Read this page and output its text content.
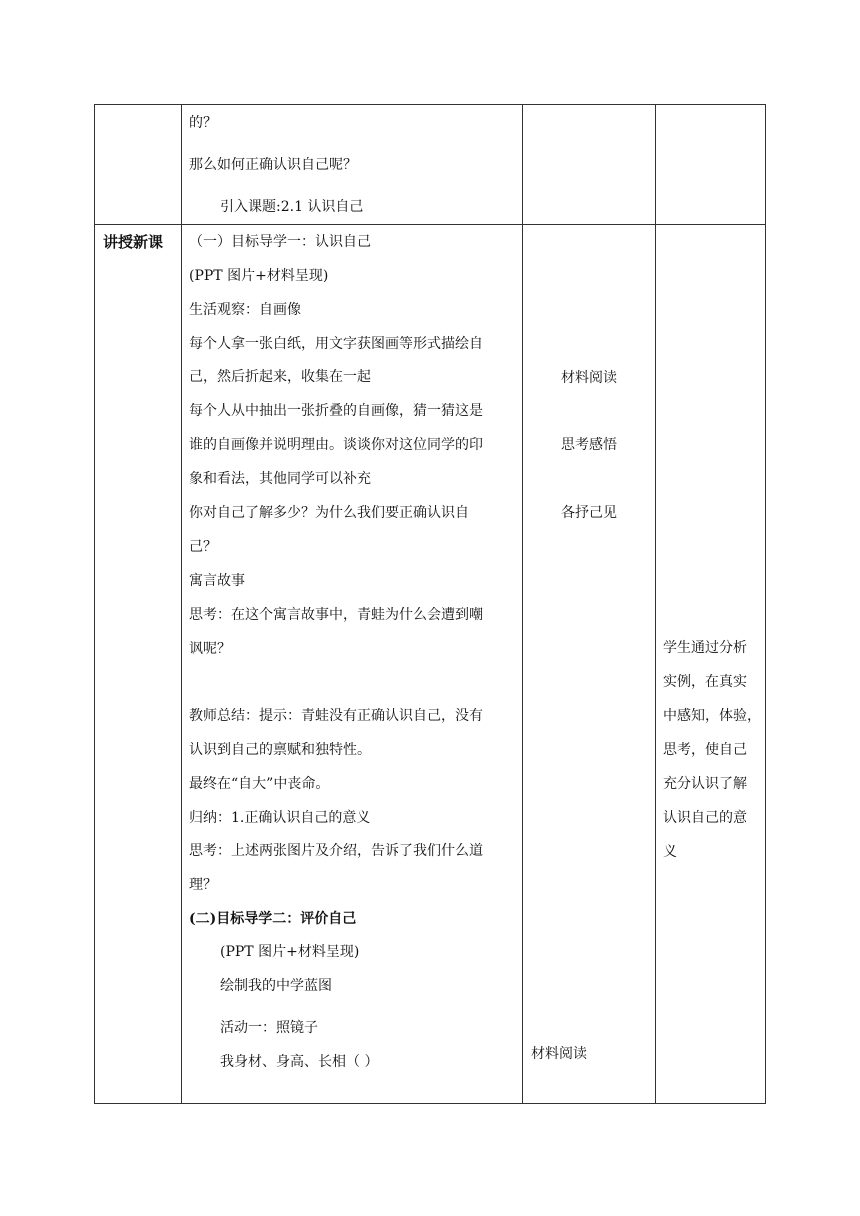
的？
那么如何正确认识自己呢？
引入课题:2.1 认识自己
讲授新课 （一）目标导学一：认识自己
(PPT 图片+材料呈现)
生活观察：自画像
每个人拿一张白纸，用文字获图画等形式描绘自
己，然后折起来，收集在一起
每个人从中抽出一张折叠的自画像，猜一猜这是
谁的自画像并说明理由。谈谈你对这位同学的印
象和看法，其他同学可以补充
你对自己了解多少？为什么我们要正确认识自
己？
寓言故事
思考：在这个寓言故事中，青蛙为什么会遭到嘲
讽呢？
教师总结：提示：青蛙没有正确认识自己，没有
认识到自己的禀赋和独特性。
最终在“自大”中丧命。
归纳：1.正确认识自己的意义
思考：上述两张图片及介绍，告诉了我们什么道
理？
(二)目标导学二：评价自己
(PPT 图片+材料呈现)
绘制我的中学蓝图
活动一：照镜子
我身材、身高、长相（ ）
材料阅读
思考感悟
各抒己见
材料阅读
学生通过分析
实例，在真实
中感知，体验，
思考，使自己
充分认识了解
认识自己的意
义
